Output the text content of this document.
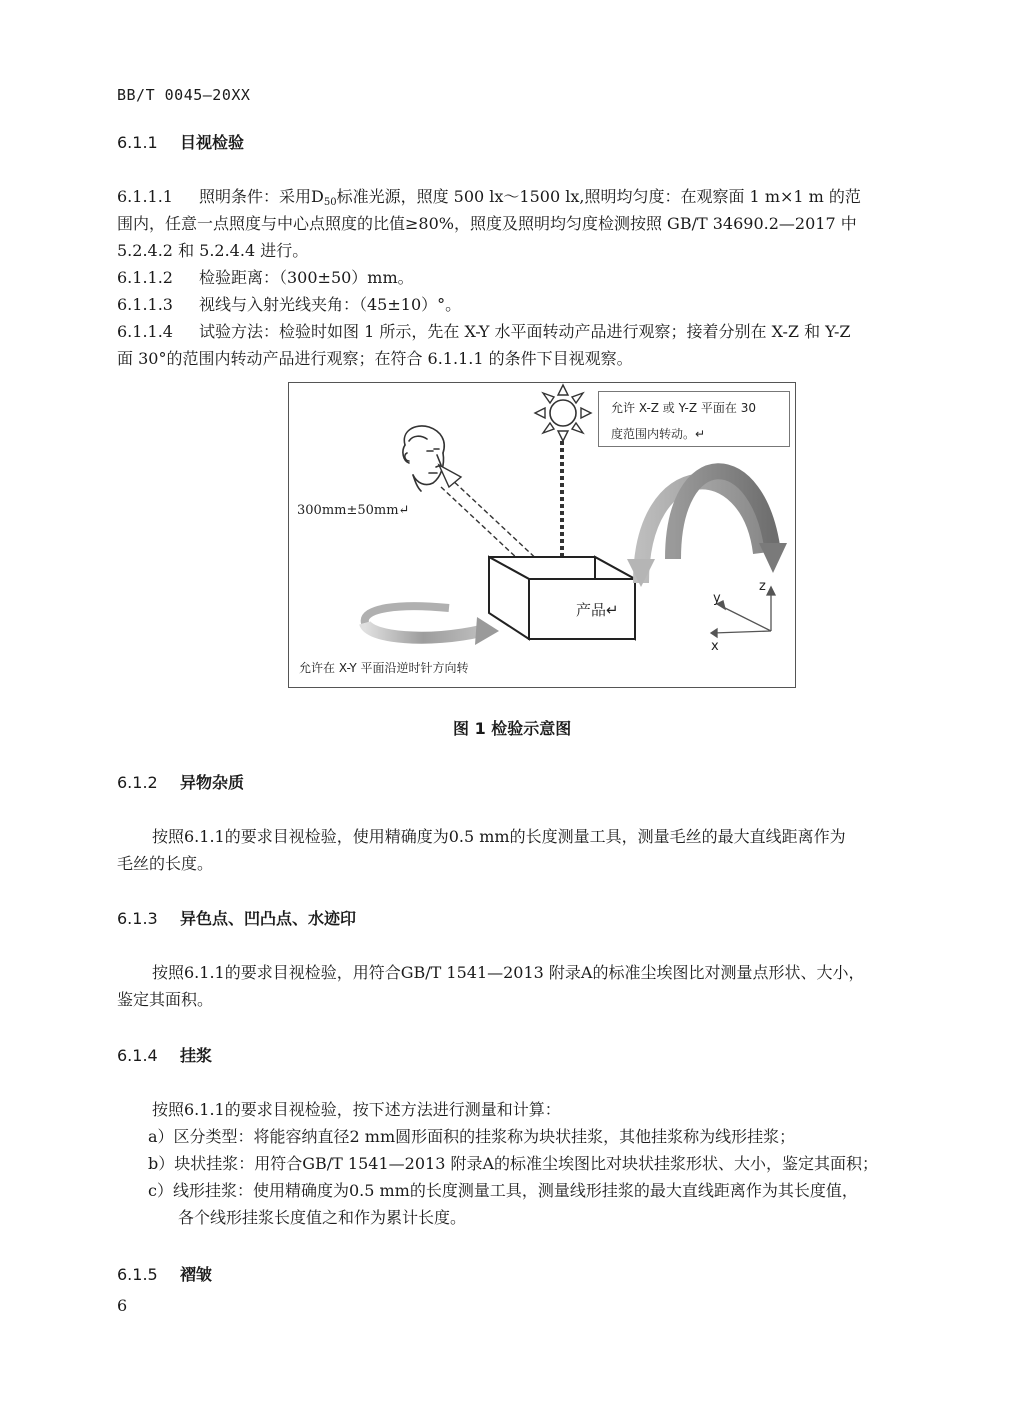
BB/T 0045—20XX
6.1.1 目视检验
6.1.1.1 照明条件：采用$D_{50}$标准光源，照度 500 lx～1500 lx,照明均匀度：在观察面 1 m×1 m 的范
围内，任意一点照度与中心点照度的比值≥80%，照度及照明均匀度检测按照 GB/T 34690.2—2017 中
5.2.4.2 和 5.2.4.4 进行。
6.1.1.2 检验距离：（300±50）mm。
6.1.1.3 视线与入射光线夹角：（45±10）°。
6.1.1.4 试验方法：检验时如图 1 所示，先在 X-Y 水平面转动产品进行观察；接着分别在 X-Z 和 Y-Z
面 30°的范围内转动产品进行观察；在符合 6.1.1.1 的条件下目视观察。
允许 X-Z 或 Y-Z 平面在 30
度范围内转动。↵
300mm±50mm↵
产品↵
允许在 X-Y 平面沿逆时针方向转
z
y
x
图 1 检验示意图
6.1.2 异物杂质
按照6.1.1的要求目视检验，使用精确度为0.5 mm的长度测量工具，测量毛丝的最大直线距离作为
毛丝的长度。
6.1.3 异色点、凹凸点、水迹印
按照6.1.1的要求目视检验，用符合GB/T 1541—2013 附录A的标准尘埃图比对测量点形状、大小，
鉴定其面积。
6.1.4 挂浆
按照6.1.1的要求目视检验，按下述方法进行测量和计算：
a）区分类型：将能容纳直径2 mm圆形面积的挂浆称为块状挂浆，其他挂浆称为线形挂浆；
b）块状挂浆：用符合GB/T 1541—2013 附录A的标准尘埃图比对块状挂浆形状、大小，鉴定其面积；
c）线形挂浆：使用精确度为0.5 mm的长度测量工具，测量线形挂浆的最大直线距离作为其长度值，
各个线形挂浆长度值之和作为累计长度。
6.1.5 褶皱
6
